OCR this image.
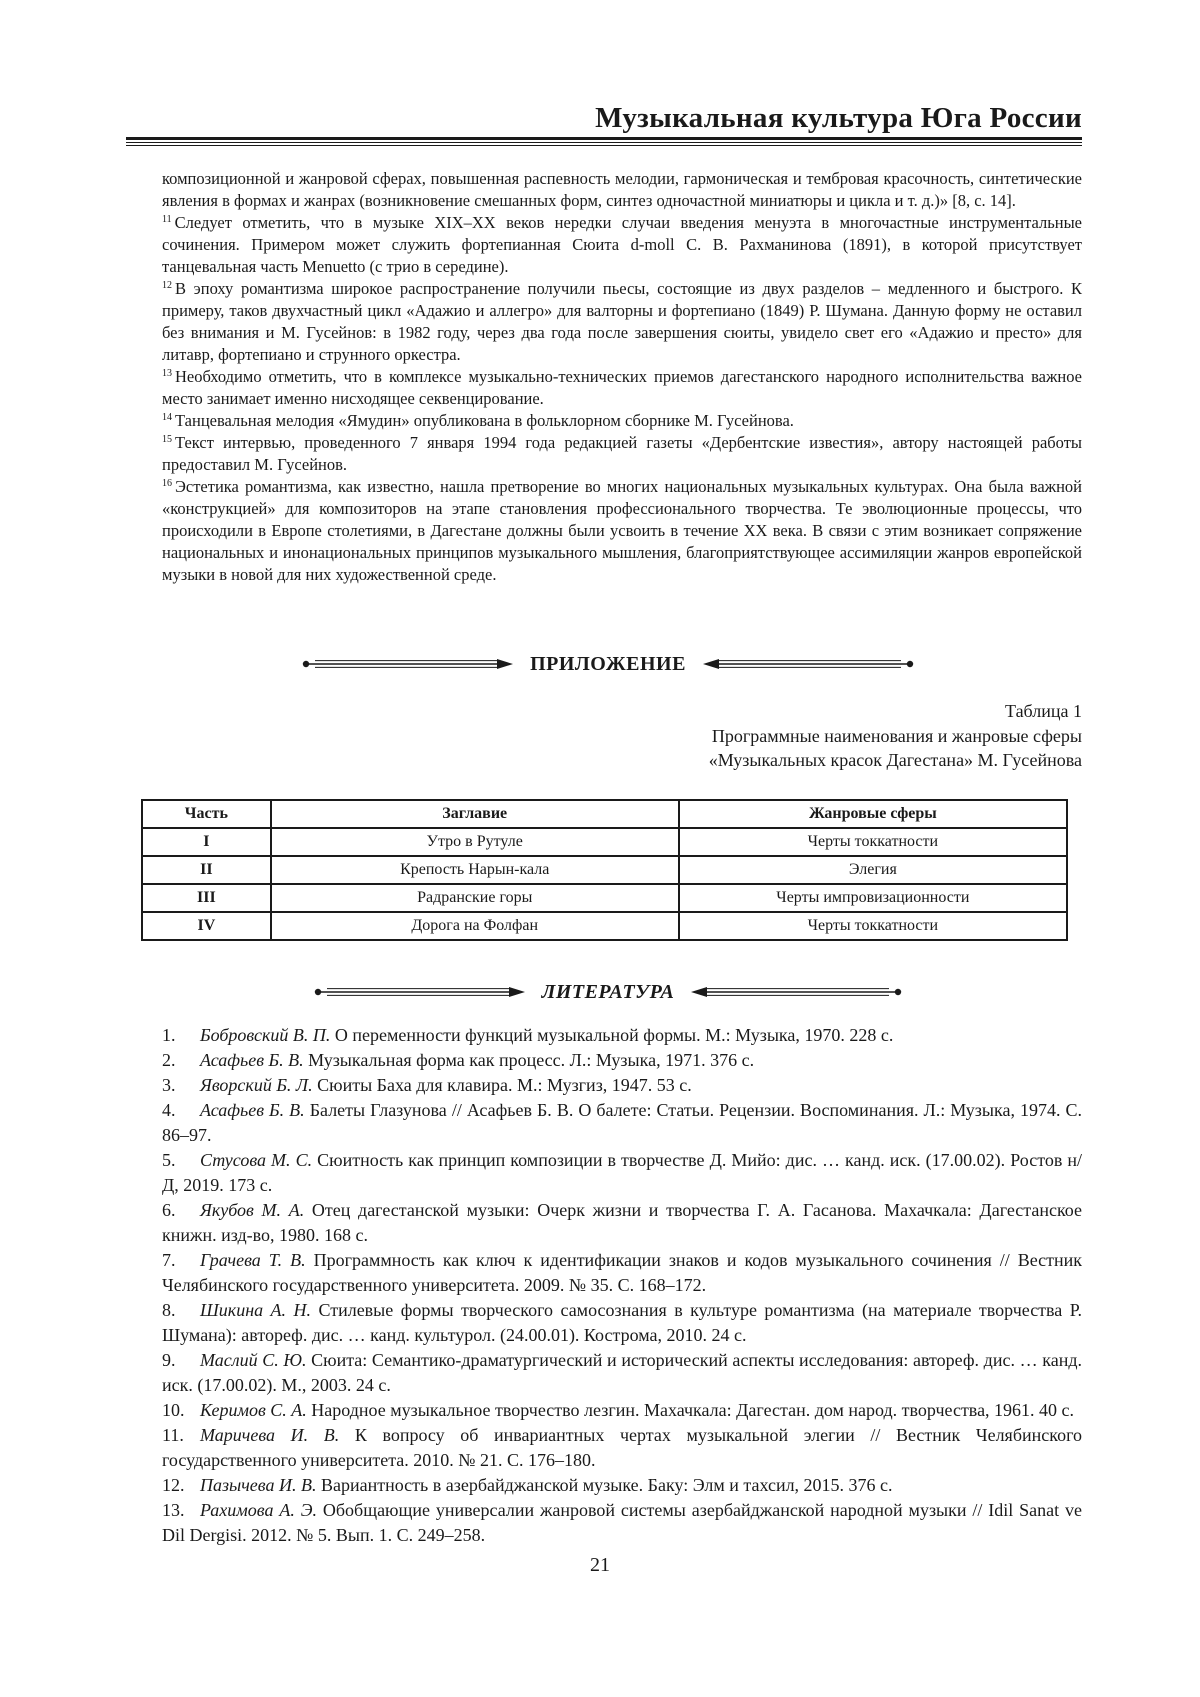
Музыкальная культура Юга России

композиционной и жанровой сферах, повышенная распевность мелодии, гармоническая и тембровая красочность, синтетические явления в формах и жанрах (возникновение смешанных форм, синтез одночастной миниатюры и цикла и т. д.)» [8, с. 14].

$^{11}$ Следует отметить, что в музыке XIX–XX веков нередки случаи введения менуэта в многочастные инструментальные сочинения. Примером может служить фортепианная Сюита d-moll С. В. Рахманинова (1891), в которой присутствует танцевальная часть Menuetto (с трио в середине).

$^{12}$ В эпоху романтизма широкое распространение получили пьесы, состоящие из двух разделов – медленного и быстрого. К примеру, таков двухчастный цикл «Адажио и аллегро» для валторны и фортепиано (1849) Р. Шумана. Данную форму не оставил без внимания и М. Гусейнов: в 1982 году, через два года после завершения сюиты, увидело свет его «Адажио и престо» для литавр, фортепиано и струнного оркестра.

$^{13}$ Необходимо отметить, что в комплексе музыкально-технических приемов дагестанского народного исполнительства важное место занимает именно нисходящее секвенцирование.

$^{14}$ Танцевальная мелодия «Ямудин» опубликована в фольклорном сборнике М. Гусейнова.

$^{15}$ Текст интервью, проведенного 7 января 1994 года редакцией газеты «Дербентские известия», автору настоящей работы предоставил М. Гусейнов.

$^{16}$ Эстетика романтизма, как известно, нашла претворение во многих национальных музыкальных культурах. Она была важной «конструкцией» для композиторов на этапе становления профессионального творчества. Те эволюционные процессы, что происходили в Европе столетиями, в Дагестане должны были усвоить в течение XX века. В связи с этим возникает сопряжение национальных и инонациональных принципов музыкального мышления, благоприятствующее ассимиляции жанров европейской музыки в новой для них художественной среде.

ПРИЛОЖЕНИЕ
Таблица 1
Программные наименования и жанровые сферы
«Музыкальных красок Дагестана» М. Гусейнова
Часть	Заглавие	Жанровые сферы
I	Утро в Рутуле	Черты токкатности
II	Крепость Нарын-кала	Элегия
III	Радранские горы	Черты импровизационности
IV	Дорога на Фолфан	Черты токкатности
ЛИТЕРАТУРА

1. Бобровский В. П. О переменности функций музыкальной формы. М.: Музыка, 1970. 228 с.

2. Асафьев Б. В. Музыкальная форма как процесс. Л.: Музыка, 1971. 376 с.

3. Яворский Б. Л. Сюиты Баха для клавира. М.: Музгиз, 1947. 53 с.

4. Асафьев Б. В. Балеты Глазунова // Асафьев Б. В. О балете: Статьи. Рецензии. Воспоминания. Л.: Музыка, 1974. С. 86–97.

5. Стусова М. С. Сюитность как принцип композиции в творчестве Д. Мийо: дис. … канд. иск. (17.00.02). Ростов н/Д, 2019. 173 с.

6. Якубов М. А. Отец дагестанской музыки: Очерк жизни и творчества Г. А. Гасанова. Махачкала: Дагестанское книжн. изд-во, 1980. 168 с.

7. Грачева Т. В. Программность как ключ к идентификации знаков и кодов музыкального сочинения // Вестник Челябинского государственного университета. 2009. № 35. С. 168–172.

8. Шикина А. Н. Стилевые формы творческого самосознания в культуре романтизма (на материале творчества Р. Шумана): автореф. дис. … канд. культурол. (24.00.01). Кострома, 2010. 24 с.

9. Маслий С. Ю. Сюита: Семантико-драматургический и исторический аспекты исследования: автореф. дис. … канд. иск. (17.00.02). М., 2003. 24 с.

10. Керимов С. А. Народное музыкальное творчество лезгин. Махачкала: Дагестан. дом народ. творчества, 1961. 40 с.

11. Маричева И. В. К вопросу об инвариантных чертах музыкальной элегии // Вестник Челябинского государственного университета. 2010. № 21. С. 176–180.

12. Пазычева И. В. Вариантность в азербайджанской музыке. Баку: Элм и тахсил, 2015. 376 с.

13. Рахимова А. Э. Обобщающие универсалии жанровой системы азербайджанской народной музыки // Idil Sanat ve Dil Dergisi. 2012. № 5. Вып. 1. С. 249–258.

21
